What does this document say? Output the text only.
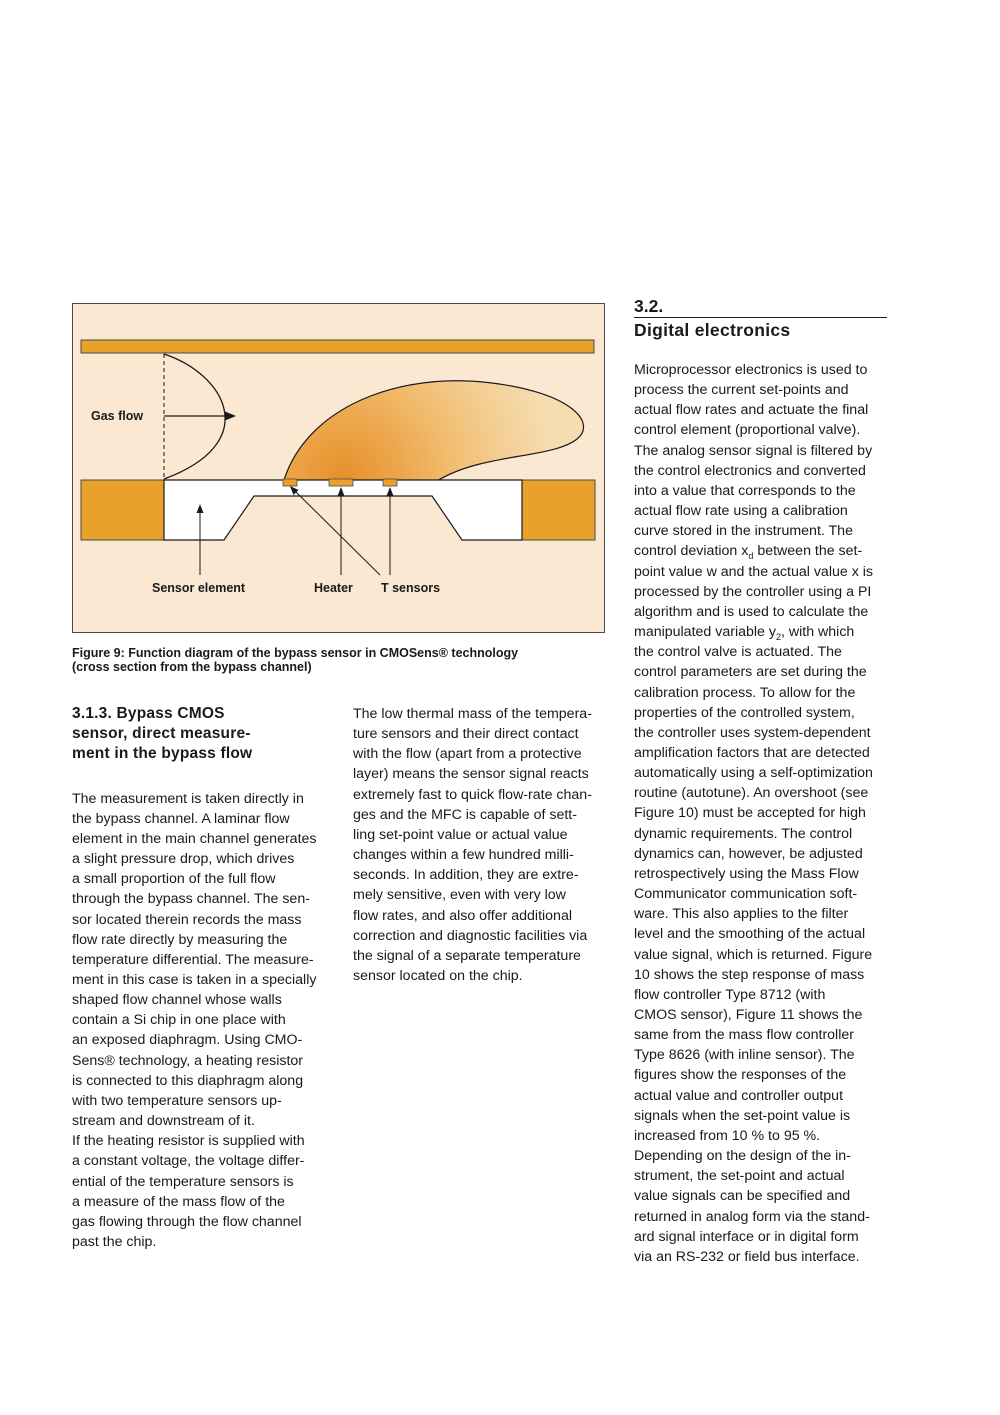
Gas flow
Sensor element	Heater T sensors
Figure 9: Function diagram of the bypass sensor in CMOSens® technology
(cross section from the bypass channel)
3.1.3. Bypass CMOS
sensor, direct measure-
ment in the bypass flow

The measurement is taken directly in
the bypass channel. A laminar flow
element in the main channel generates
a slight pressure drop, which drives
a small proportion of the full flow
through the bypass channel. The sen-
sor located therein records the mass
flow rate directly by measuring the
temperature differential. The measure-
ment in this case is taken in a specially
shaped flow channel whose walls
contain a Si chip in one place with
an exposed diaphragm. Using CMO-
Sens® technology, a heating resistor
is connected to this diaphragm along
with two temperature sensors up-
stream and downstream of it.

If the heating resistor is supplied with
a constant voltage, the voltage differ-
ential of the temperature sensors is
a measure of the mass flow of the
gas flowing through the flow channel
past the chip.

The low thermal mass of the tempera-
ture sensors and their direct contact
with the flow (apart from a protective
layer) means the sensor signal reacts
extremely fast to quick flow-rate chan-
ges and the MFC is capable of sett-
ling set-point value or actual value
changes within a few hundred milli-
seconds. In addition, they are extre-
mely sensitive, even with very low
flow rates, and also offer additional
correction and diagnostic facilities via
the signal of a separate temperature
sensor located on the chip.

3.2.
Digital electronics

Microprocessor electronics is used to
process the current set-points and
actual flow rates and actuate the final
control element (proportional valve).
The analog sensor signal is filtered by
the control electronics and converted
into a value that corresponds to the
actual flow rate using a calibration
curve stored in the instrument. The
control deviation $x_d$ between the set-
point value w and the actual value x is
processed by the controller using a PI
algorithm and is used to calculate the
manipulated variable $y_2$, with which
the control valve is actuated. The
control parameters are set during the
calibration process. To allow for the
properties of the controlled system,
the controller uses system-dependent
amplification factors that are detected
automatically using a self-optimization
routine (autotune). An overshoot (see
Figure 10) must be accepted for high
dynamic requirements. The control
dynamics can, however, be adjusted
retrospectively using the Mass Flow
Communicator communication soft-
ware. This also applies to the filter
level and the smoothing of the actual
value signal, which is returned. Figure
10 shows the step response of mass
flow controller Type 8712 (with
CMOS sensor), Figure 11 shows the
same from the mass flow controller
Type 8626 (with inline sensor). The
figures show the responses of the
actual value and controller output
signals when the set-point value is
increased from 10 % to 95 %.
Depending on the design of the in-
strument, the set-point and actual
value signals can be specified and
returned in analog form via the stand-
ard signal interface or in digital form
via an RS-232 or field bus interface.
